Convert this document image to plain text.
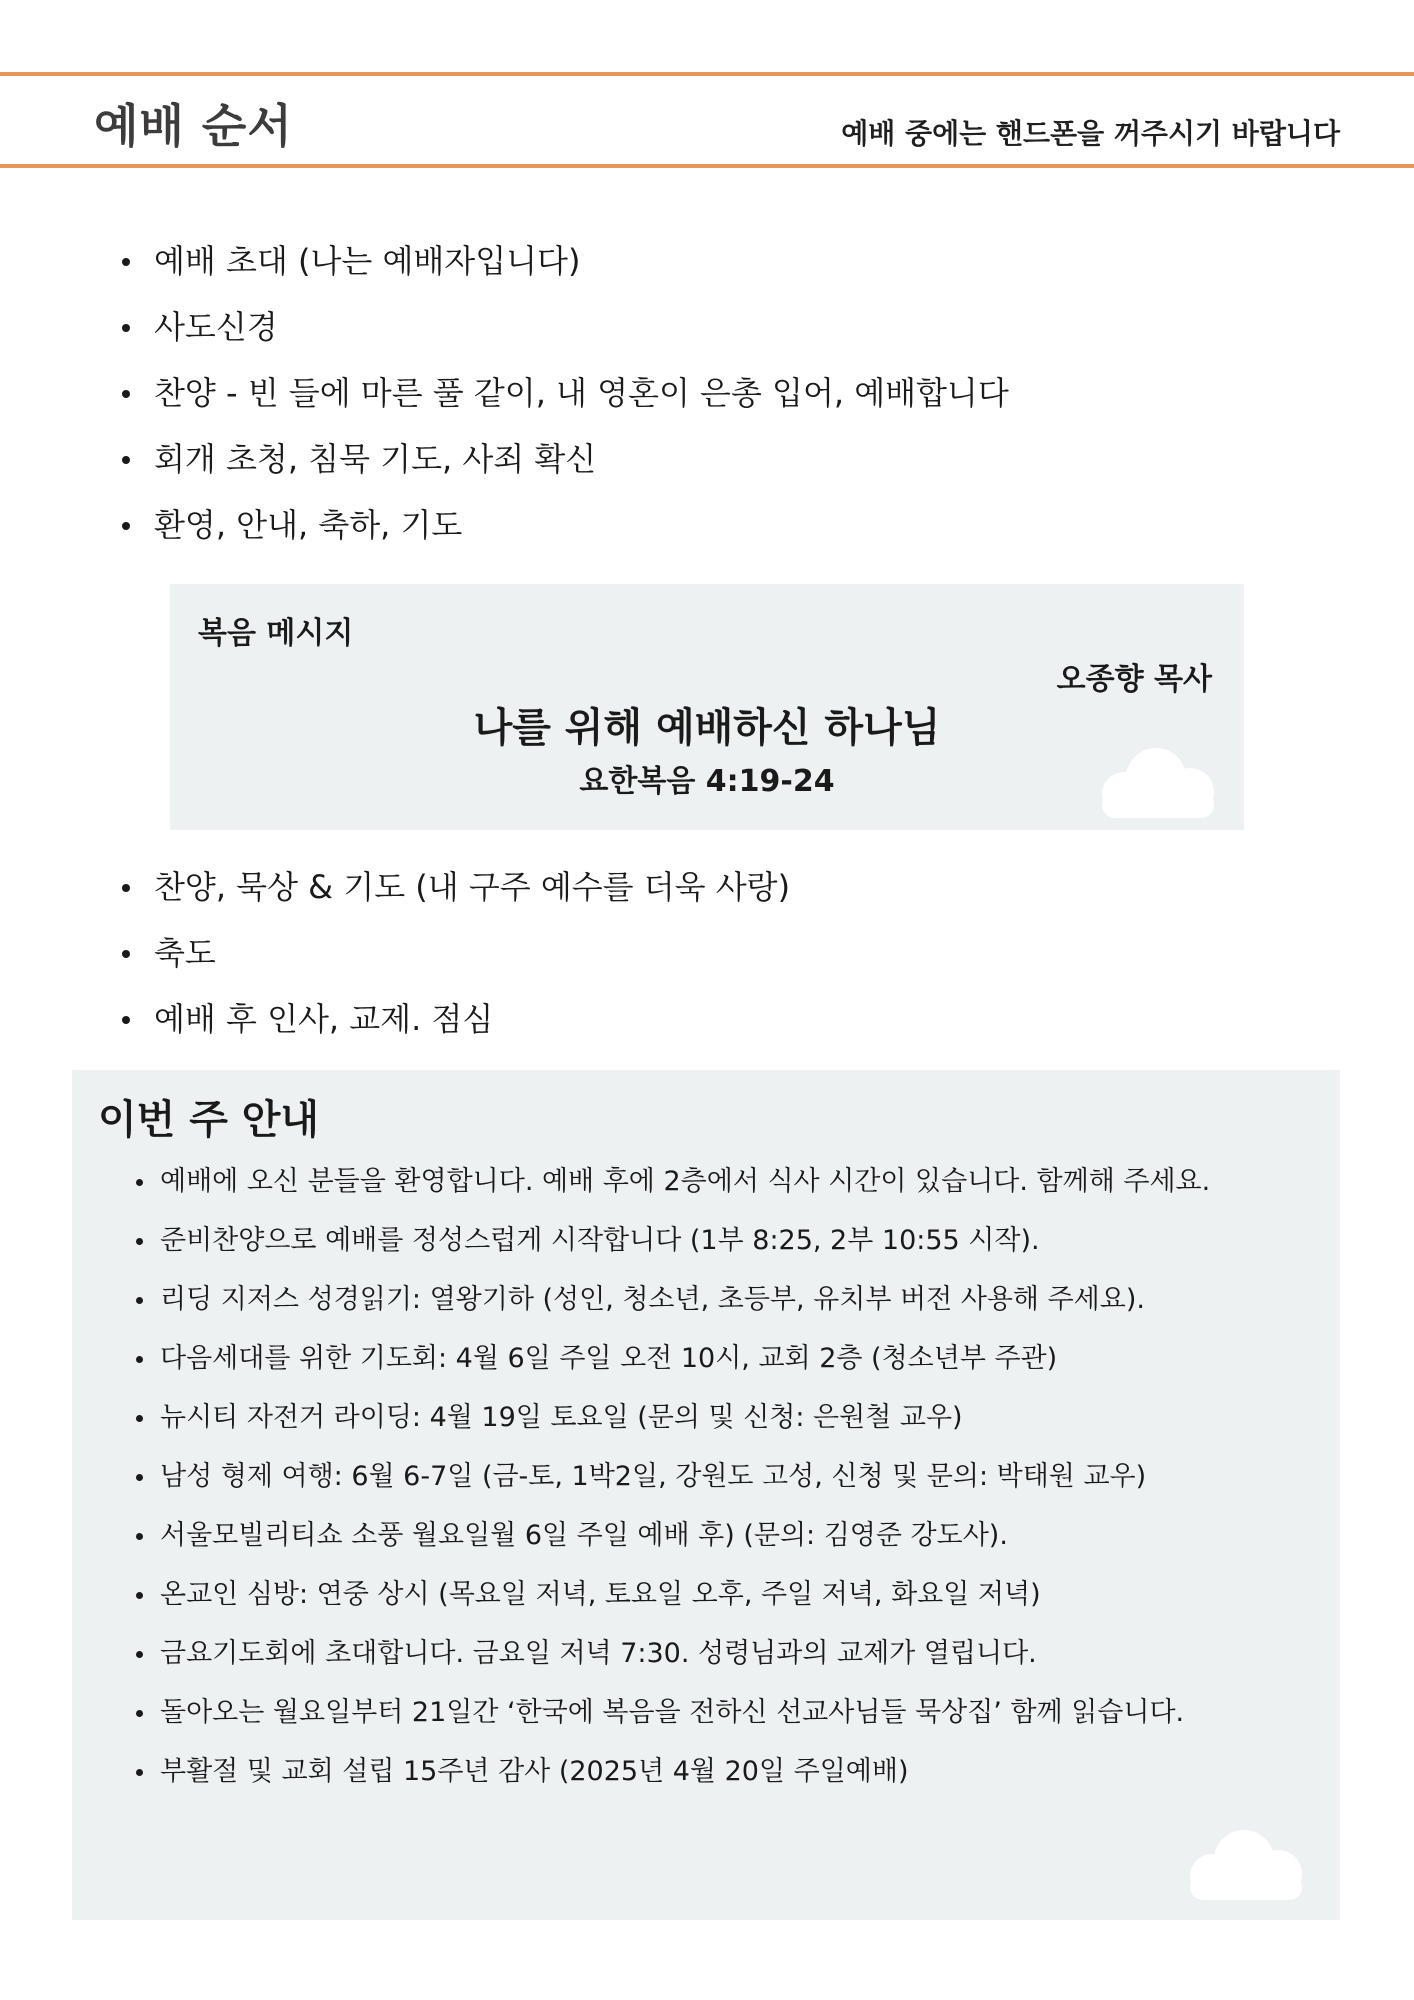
예배 순서	예배 중에는 핸드폰을 꺼주시기 바랍니다
예배 초대 (나는 예배자입니다)
사도신경
찬양 - 빈 들에 마른 풀 같이, 내 영혼이 은총 입어, 예배합니다
회개 초청, 침묵 기도, 사죄 확신
환영, 안내, 축하, 기도
복음 메시지
오종향 목사
나를 위해 예배하신 하나님
요한복음 4:19-24
찬양, 묵상 & 기도 (내 구주 예수를 더욱 사랑)
축도
예배 후 인사, 교제. 점심
이번 주 안내
예배에 오신 분들을 환영합니다. 예배 후에 2층에서 식사 시간이 있습니다. 함께해 주세요.
준비찬양으로 예배를 정성스럽게 시작합니다 (1부 8:25, 2부 10:55 시작).
리딩 지저스 성경읽기: 열왕기하 (성인, 청소년, 초등부, 유치부 버전 사용해 주세요).
다음세대를 위한 기도회: 4월 6일 주일 오전 10시, 교회 2층 (청소년부 주관)
뉴시티 자전거 라이딩: 4월 19일 토요일 (문의 및 신청: 은원철 교우)
남성 형제 여행: 6월 6-7일 (금-토, 1박2일, 강원도 고성, 신청 및 문의: 박태원 교우)
서울모빌리티쇼 소풍 월요일월 6일 주일 예배 후) (문의: 김영준 강도사).
온교인 심방: 연중 상시 (목요일 저녁, 토요일 오후, 주일 저녁, 화요일 저녁)
금요기도회에 초대합니다. 금요일 저녁 7:30. 성령님과의 교제가 열립니다.
돌아오는 월요일부터 21일간 ‘한국에 복음을 전하신 선교사님들 묵상집’ 함께 읽습니다.
부활절 및 교회 설립 15주년 감사 (2025년 4월 20일 주일예배)
